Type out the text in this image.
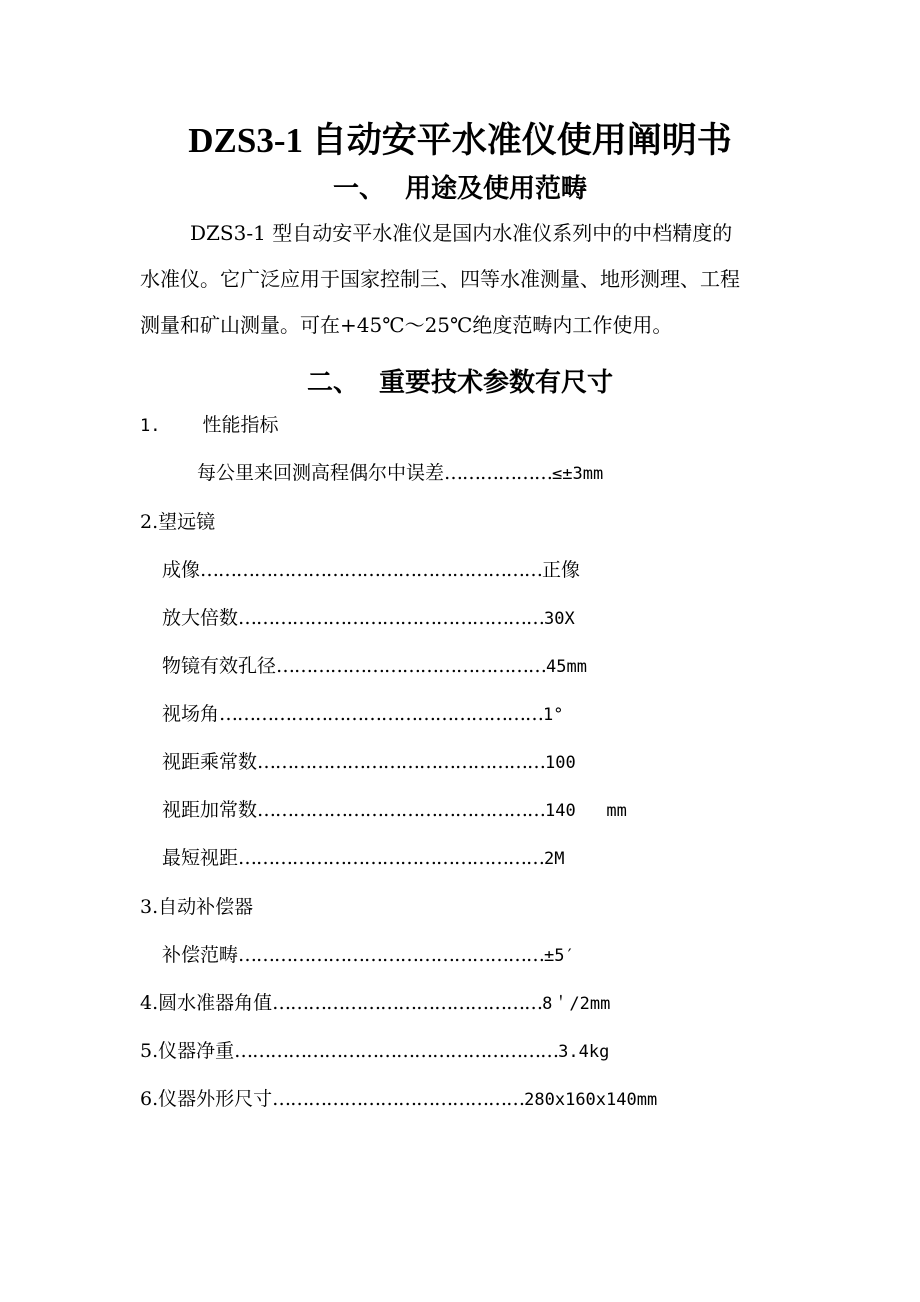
DZS3-1 自动安平水准仪使用阐明书
一、 用途及使用范畴
DZS3-1 型自动安平水准仪是国内水准仪系列中的中档精度的
水准仪。它广泛应用于国家控制三、四等水准测量、地形测理、工程
测量和矿山测量。可在+45℃～25℃绝度范畴内工作使用。
二、 重要技术参数有尺寸
1. 性能指标
每公里来回测高程偶尔中误差………………≤±3mm
2.望远镜
成像…………………………………………………正像
放大倍数……………………………………………30X
物镜有效孔径………………………………………45mm
视场角………………………………………………1°
视距乘常数…………………………………………100
视距加常数…………………………………………140   mm
最短视距……………………………………………2M
3.自动补偿器
补偿范畴……………………………………………±5′
4.圆水准器角值………………………………………8＇/2mm
5.仪器净重………………………………………………3.4kg
6.仪器外形尺寸……………………………………280x160x140mm
